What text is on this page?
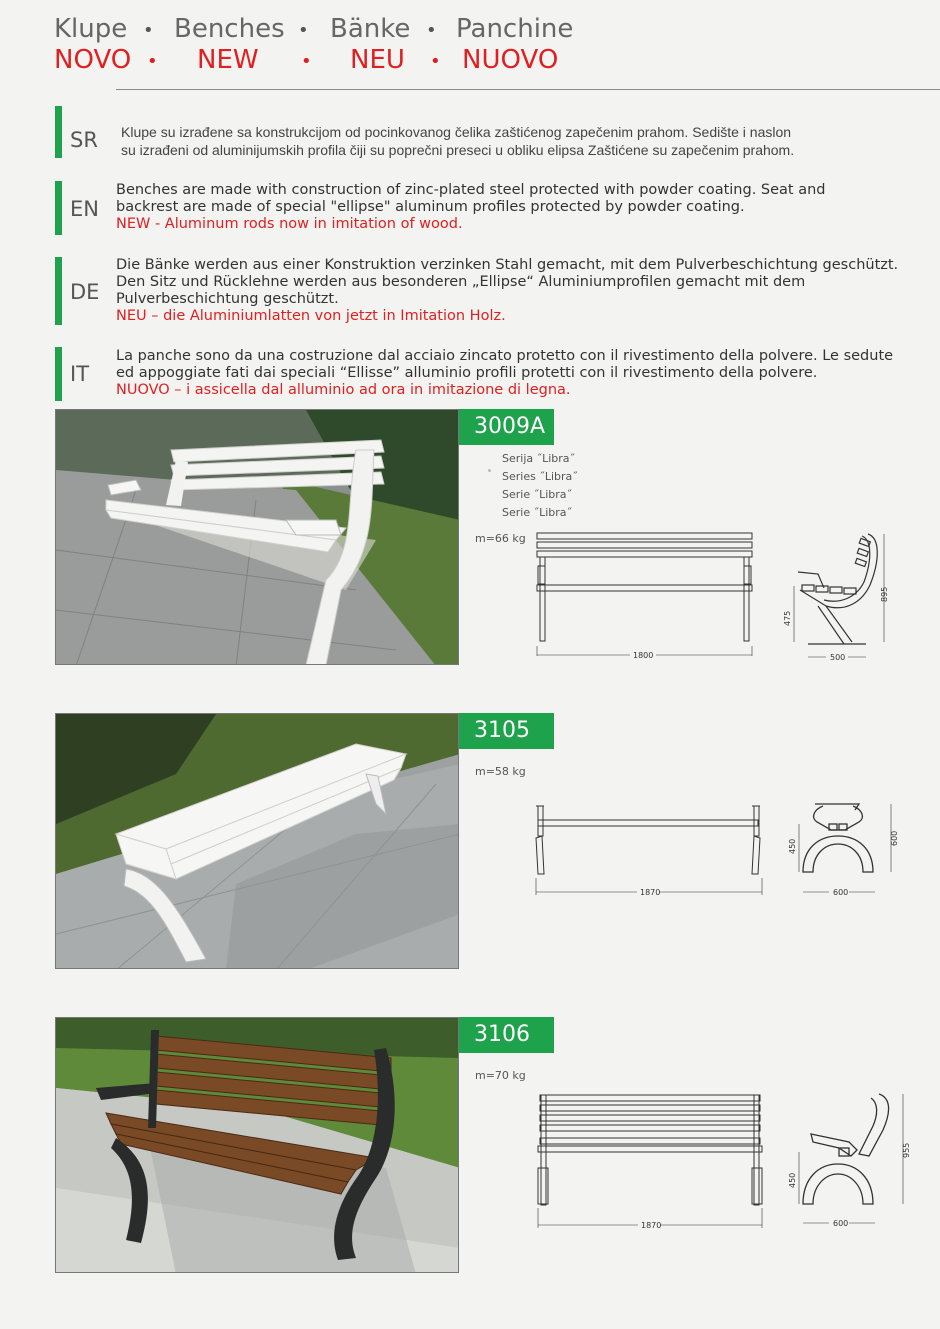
Klupe • Benches • Bänke • Panchine
NOVO • NEW • NEU • NUOVO
SR Klupe su izrađene sa konstrukcijom od pocinkovanog čelika zaštićenog zapečenim prahom. Sedište i naslon
su izrađeni od aluminijumskih profila čiji su poprečni preseci u obliku elipsa Zaštićene su zapečenim prahom.
EN
Benches are made with construction of zinc-plated steel protected with powder coating. Seat and
backrest are made of special "ellipse" aluminum profiles protected by powder coating.
NEW - Aluminum rods now in imitation of wood.
DE
Die Bänke werden aus einer Konstruktion verzinken Stahl gemacht, mit dem Pulverbeschichtung geschützt.
Den Sitz und Rücklehne werden aus besonderen „Ellipse“ Aluminiumprofilen gemacht mit dem
Pulverbeschichtung geschützt.
NEU – die Aluminiumlatten von jetzt in Imitation Holz.
IT
La panche sono da una costruzione dal acciaio zincato protetto con il rivestimento della polvere. Le sedute
ed appoggiate fati dai speciali “Ellisse” alluminio profili protetti con il rivestimento della polvere.
NUOVO – i assicella dal alluminio ad ora in imitazione di legna.
3009A
Serija ˝Libra˝
Series ˝Libra˝
Serie ˝Libra˝
Serie ˝Libra˝
m=66 kg
1800	500
475
895
3105
m=58 kg
1870	600
450
600
3106
m=70 kg
1870	600
450
955
